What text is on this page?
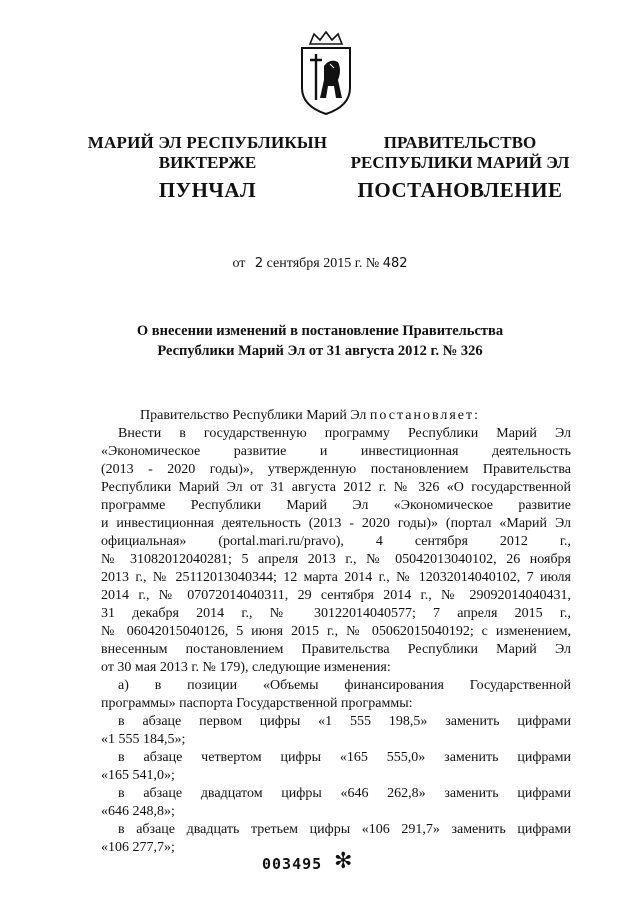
МАРИЙ ЭЛ РЕСПУБЛИКЫН
ВИКТЕРЖЕ
ПУНЧАЛ
ПРАВИТЕЛЬСТВО
РЕСПУБЛИКИ МАРИЙ ЭЛ
ПОСТАНОВЛЕНИЕ
от 2 сентября 2015 г. № 482
О внесении изменений в постановление Правительства
Республики Марий Эл от 31 августа 2012 г. № 326
Правительство Республики Марий Эл постановляет:
Внести в государственную программу Республики Марий Эл
«Экономическое развитие и инвестиционная деятельность
(2013 - 2020 годы)», утвержденную постановлением Правительства
Республики Марий Эл от 31 августа 2012 г. № 326 «О государственной
программе Республики Марий Эл «Экономическое развитие
и инвестиционная деятельность (2013 - 2020 годы)» (портал «Марий Эл
официальная» (portal.mari.ru/pravo), 4 сентября 2012 г.,
№ 31082012040281; 5 апреля 2013 г., № 05042013040102, 26 ноября
2013 г., № 25112013040344; 12 марта 2014 г., № 12032014040102, 7 июля
2014 г., № 07072014040311, 29 сентября 2014 г., № 29092014040431,
31 декабря 2014 г., № 30122014040577; 7 апреля 2015 г.,
№ 06042015040126, 5 июня 2015 г., № 05062015040192; с изменением,
внесенным постановлением Правительства Республики Марий Эл
от 30 мая 2013 г. № 179), следующие изменения:
а) в позиции «Объемы финансирования Государственной
программы» паспорта Государственной программы:
в абзаце первом цифры «1 555 198,5» заменить цифрами
«1 555 184,5»;
в абзаце четвертом цифры «165 555,0» заменить цифрами
«165 541,0»;
в абзаце двадцатом цифры «646 262,8» заменить цифрами
«646 248,8»;
в абзаце двадцать третьем цифры «106 291,7» заменить цифрами
«106 277,7»;
003495 ✻
